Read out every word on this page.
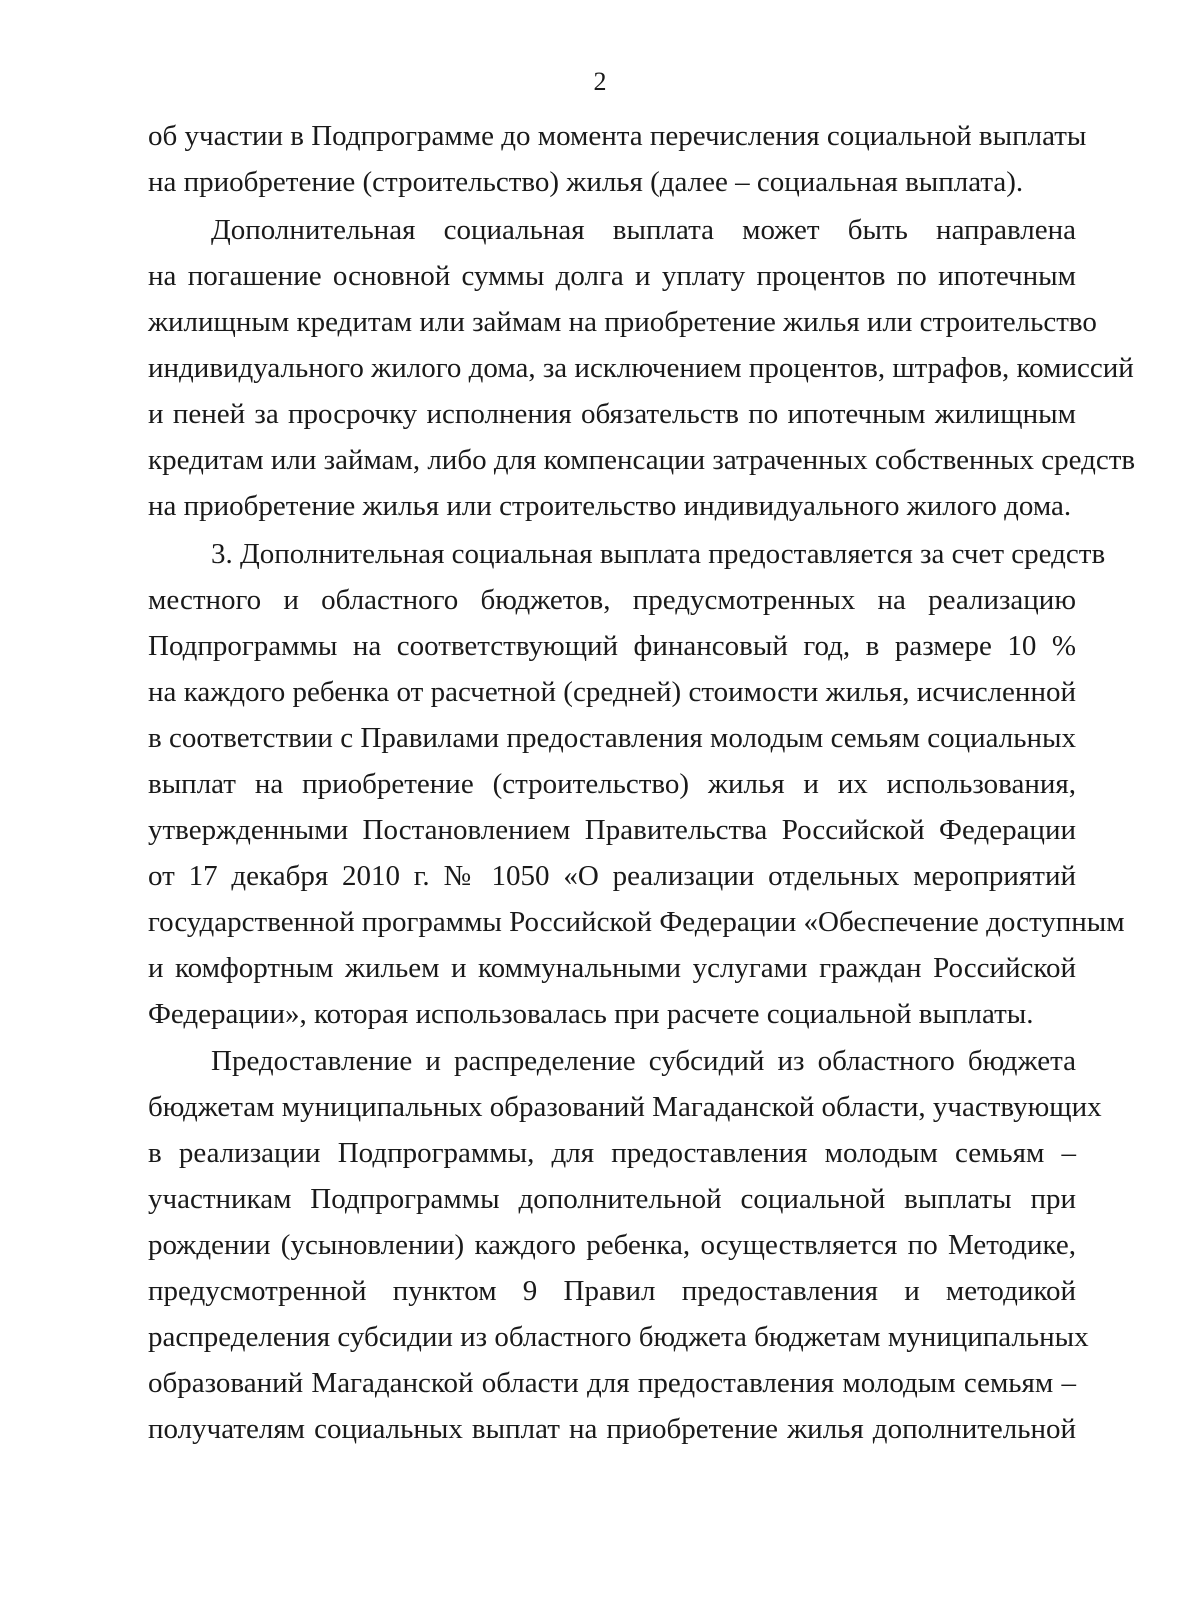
2
об участии в Подпрограмме до момента перечисления социальной выплаты
на приобретение (строительство) жилья (далее – социальная выплата).
Дополнительная социальная выплата может быть направлена
на погашение основной суммы долга и уплату процентов по ипотечным
жилищным кредитам или займам на приобретение жилья или строительство
индивидуального жилого дома, за исключением процентов, штрафов, комиссий
и пеней за просрочку исполнения обязательств по ипотечным жилищным
кредитам или займам, либо для компенсации затраченных собственных средств
на приобретение жилья или строительство индивидуального жилого дома.
3. Дополнительная социальная выплата предоставляется за счет средств
местного и областного бюджетов, предусмотренных на реализацию
Подпрограммы на соответствующий финансовый год, в размере 10 %
на каждого ребенка от расчетной (средней) стоимости жилья, исчисленной
в соответствии с Правилами предоставления молодым семьям социальных
выплат на приобретение (строительство) жилья и их использования,
утвержденными Постановлением Правительства Российской Федерации
от 17 декабря 2010 г. № 1050 «О реализации отдельных мероприятий
государственной программы Российской Федерации «Обеспечение доступным
и комфортным жильем и коммунальными услугами граждан Российской
Федерации», которая использовалась при расчете социальной выплаты.
Предоставление и распределение субсидий из областного бюджета
бюджетам муниципальных образований Магаданской области, участвующих
в реализации Подпрограммы, для предоставления молодым семьям –
участникам Подпрограммы дополнительной социальной выплаты при
рождении (усыновлении) каждого ребенка, осуществляется по Методике,
предусмотренной пунктом 9 Правил предоставления и методикой
распределения субсидии из областного бюджета бюджетам муниципальных
образований Магаданской области для предоставления молодым семьям –
получателям социальных выплат на приобретение жилья дополнительной
